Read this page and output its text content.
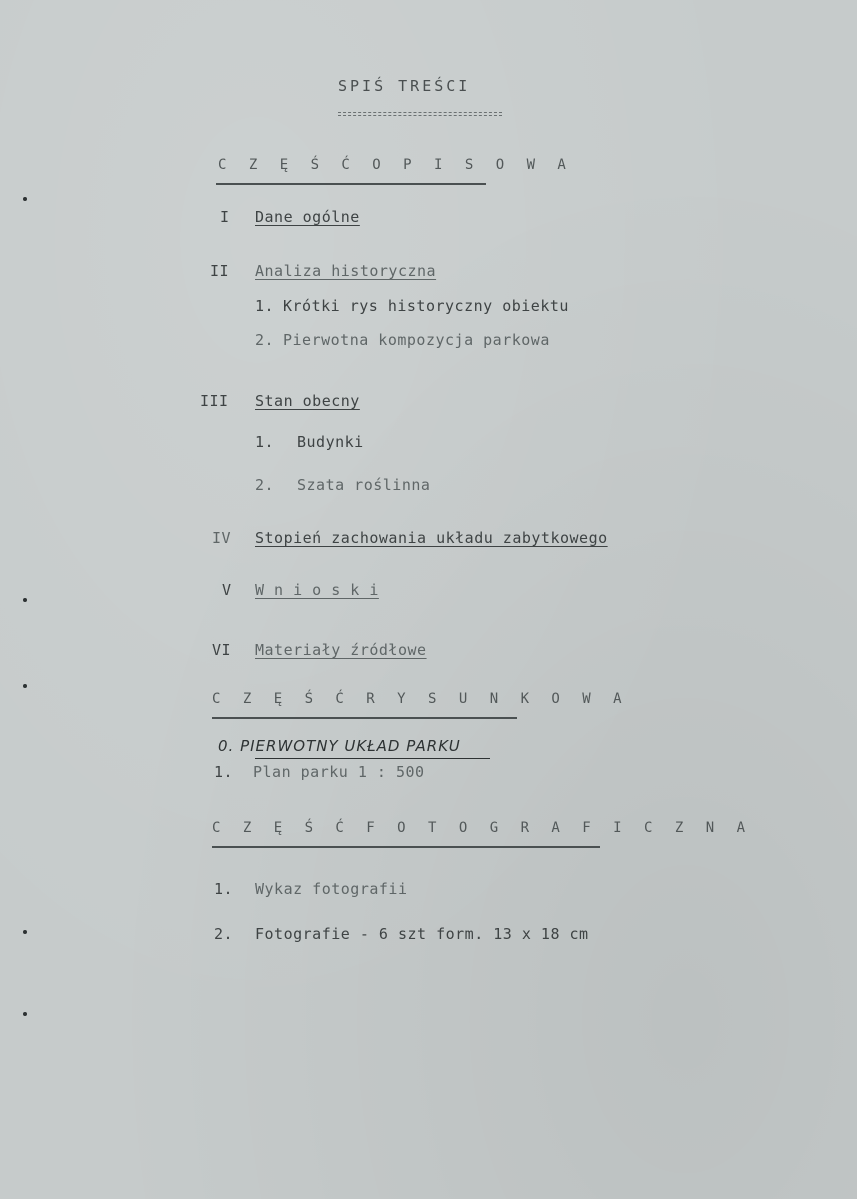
SPIŚ TREŚCI
C Z Ę Ś Ć O P I S O W A
I Dane ogólne
II Analiza historyczna
1. Krótki rys historyczny obiektu
2. Pierwotna kompozycja parkowa
III Stan obecny
1. Budynki
2. Szata roślinna
IV Stopień zachowania układu zabytkowego
V W n i o s k i
VI Materiały źródłowe
C Z Ę Ś Ć R Y S U N K O W A
0. PIERWOTNY UKŁAD PARKU
1. Plan parku 1 : 500
C Z Ę Ś Ć F O T O G R A F I C Z N A
1. Wykaz fotografii
2. Fotografie - 6 szt form. 13 x 18 cm
